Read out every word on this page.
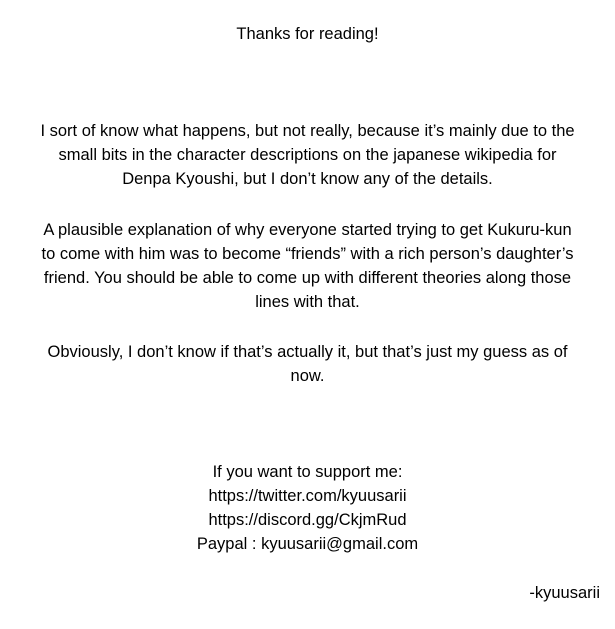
Thanks for reading!
I sort of know what happens, but not really, because it’s mainly due to the
small bits in the character descriptions on the japanese wikipedia for
Denpa Kyoushi, but I don’t know any of the details.
A plausible explanation of why everyone started trying to get Kukuru-kun
to come with him was to become “friends” with a rich person’s daughter’s
friend. You should be able to come up with different theories along those
lines with that.
Obviously, I don’t know if that’s actually it, but that’s just my guess as of
now.
If you want to support me:
https://twitter.com/kyuusarii
https://discord.gg/CkjmRud
Paypal : kyuusarii@gmail.com
-kyuusarii
